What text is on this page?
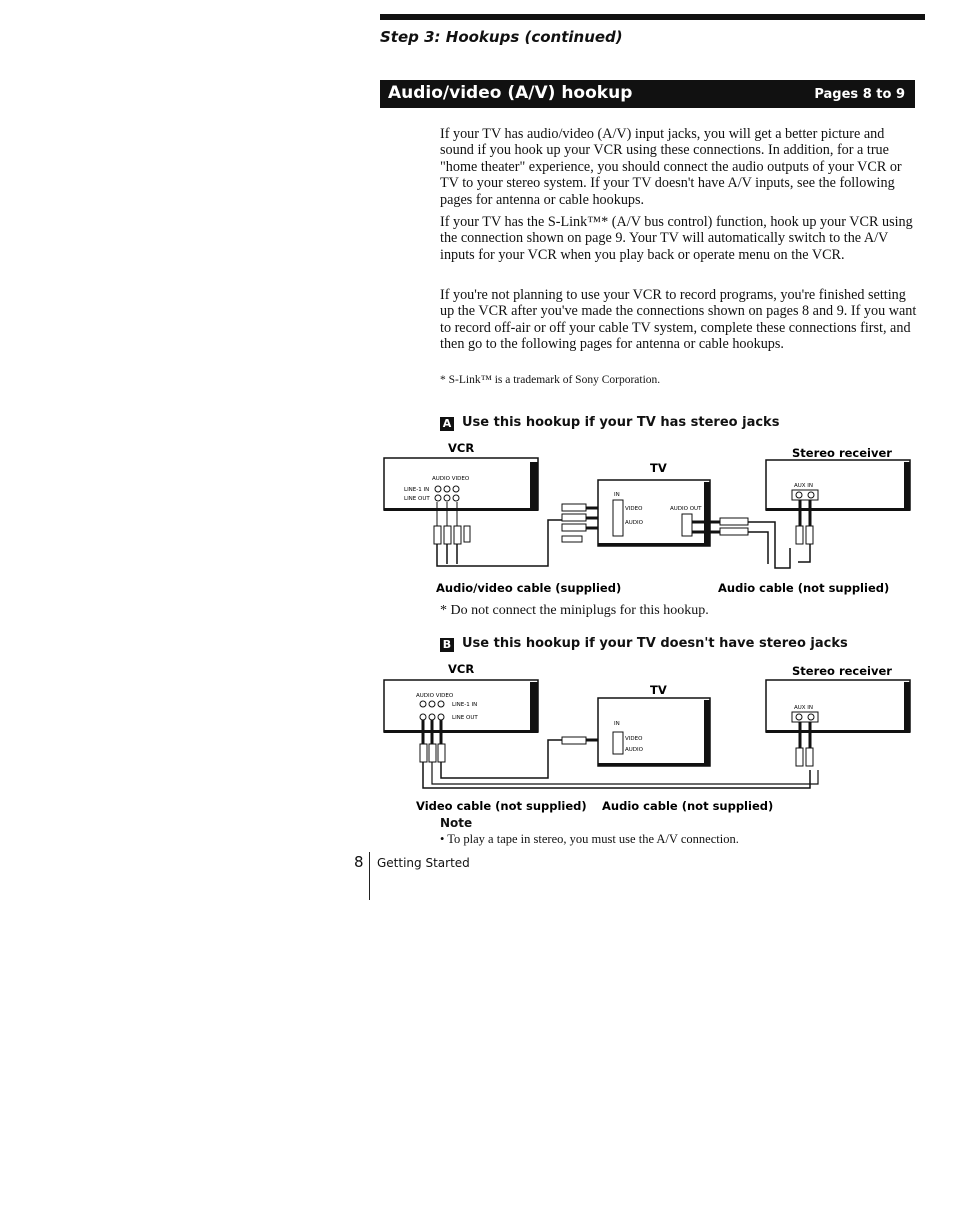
Step 3: Hookups (continued)
Audio/video (A/V) hookup	Pages 8 to 9
If your TV has audio/video (A/V) input jacks, you will get a better picture and sound if you hook up your VCR using these connections. In addition, for a true "home theater" experience, you should connect the audio outputs of your VCR or TV to your stereo system. If your TV doesn't have A/V inputs, see the following pages for antenna or cable hookups.
If your TV has the S-Link™* (A/V bus control) function, hook up your VCR using the connection shown on page 9. Your TV will automatically switch to the A/V inputs for your VCR when you play back or operate menu on the VCR.
If you're not planning to use your VCR to record programs, you're finished setting up the VCR after you've made the connections shown on pages 8 and 9. If you want to record off-air or off your cable TV system, complete these connections first, and then go to the following pages for antenna or cable hookups.
* S-Link™ is a trademark of Sony Corporation.
A Use this hookup if your TV has stereo jacks
VCR
TV
Stereo receiver
AUDIO VIDEO
LINE-1 IN
LINE OUT
IN
VIDEO
AUDIO
AUDIO OUT
AUX IN
Audio/video cable (supplied)	Audio cable (not supplied)
* Do not connect the miniplugs for this hookup.
B Use this hookup if your TV doesn't have stereo jacks
VCR
TV
Stereo receiver
AUDIO VIDEO
LINE-1 IN
LINE OUT
IN
VIDEO
AUDIO
AUX IN
Video cable (not supplied) Audio cable (not supplied)
Note
• To play a tape in stereo, you must use the A/V connection.
8 Getting Started
